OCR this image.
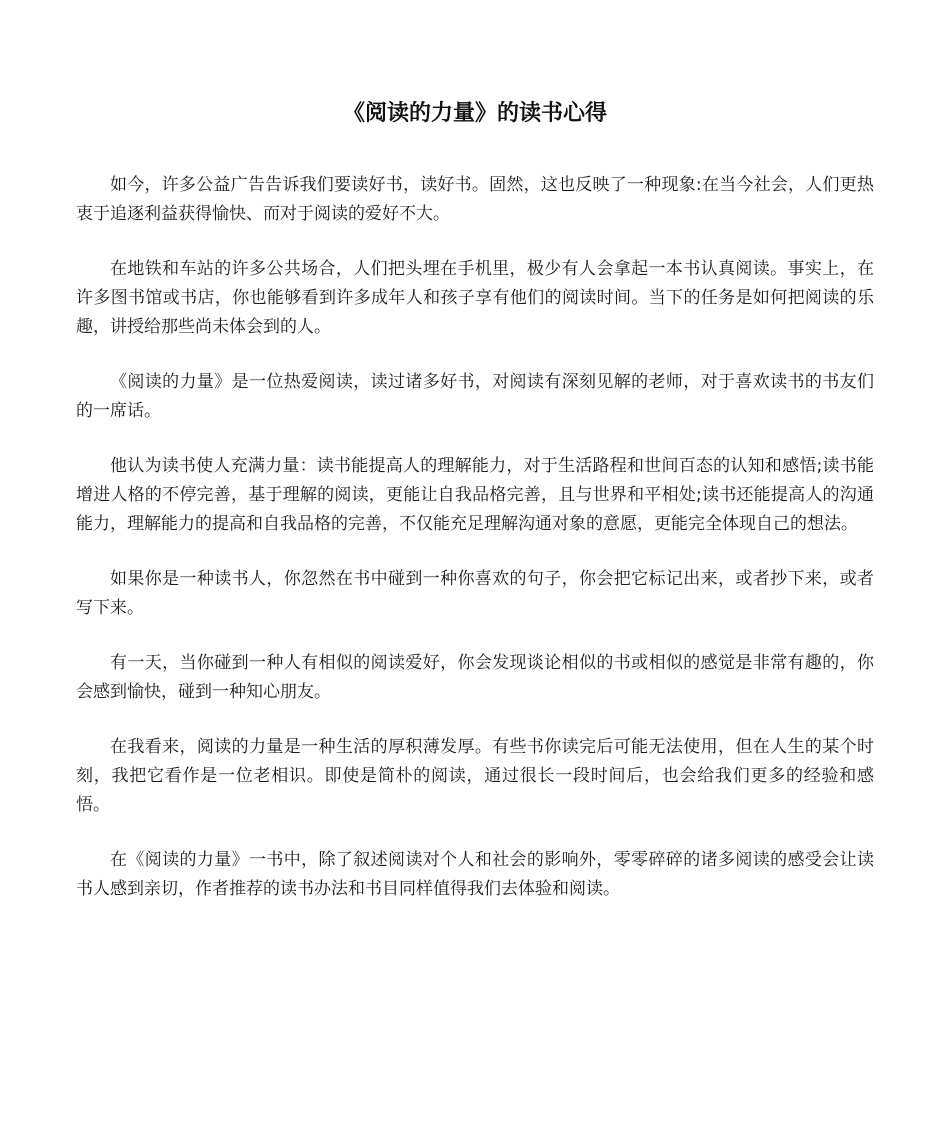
《阅读的力量》的读书心得

如今，许多公益广告告诉我们要读好书，读好书。固然，这也反映了一种现象:在当今社会，人们更热衷于追逐利益获得愉快、而对于阅读的爱好不大。

在地铁和车站的许多公共场合，人们把头埋在手机里，极少有人会拿起一本书认真阅读。事实上，在许多图书馆或书店，你也能够看到许多成年人和孩子享有他们的阅读时间。当下的任务是如何把阅读的乐趣，讲授给那些尚未体会到的人。

《阅读的力量》是一位热爱阅读，读过诸多好书，对阅读有深刻见解的老师，对于喜欢读书的书友们的一席话。

他认为读书使人充满力量：读书能提高人的理解能力，对于生活路程和世间百态的认知和感悟;读书能增进人格的不停完善，基于理解的阅读，更能让自我品格完善，且与世界和平相处;读书还能提高人的沟通能力，理解能力的提高和自我品格的完善，不仅能充足理解沟通对象的意愿，更能完全体现自己的想法。

如果你是一种读书人，你忽然在书中碰到一种你喜欢的句子，你会把它标记出来，或者抄下来，或者写下来。

有一天，当你碰到一种人有相似的阅读爱好，你会发现谈论相似的书或相似的感觉是非常有趣的，你会感到愉快，碰到一种知心朋友。

在我看来，阅读的力量是一种生活的厚积薄发厚。有些书你读完后可能无法使用，但在人生的某个时刻，我把它看作是一位老相识。即使是简朴的阅读，通过很长一段时间后，也会给我们更多的经验和感悟。

在《阅读的力量》一书中，除了叙述阅读对个人和社会的影响外，零零碎碎的诸多阅读的感受会让读书人感到亲切，作者推荐的读书办法和书目同样值得我们去体验和阅读。
